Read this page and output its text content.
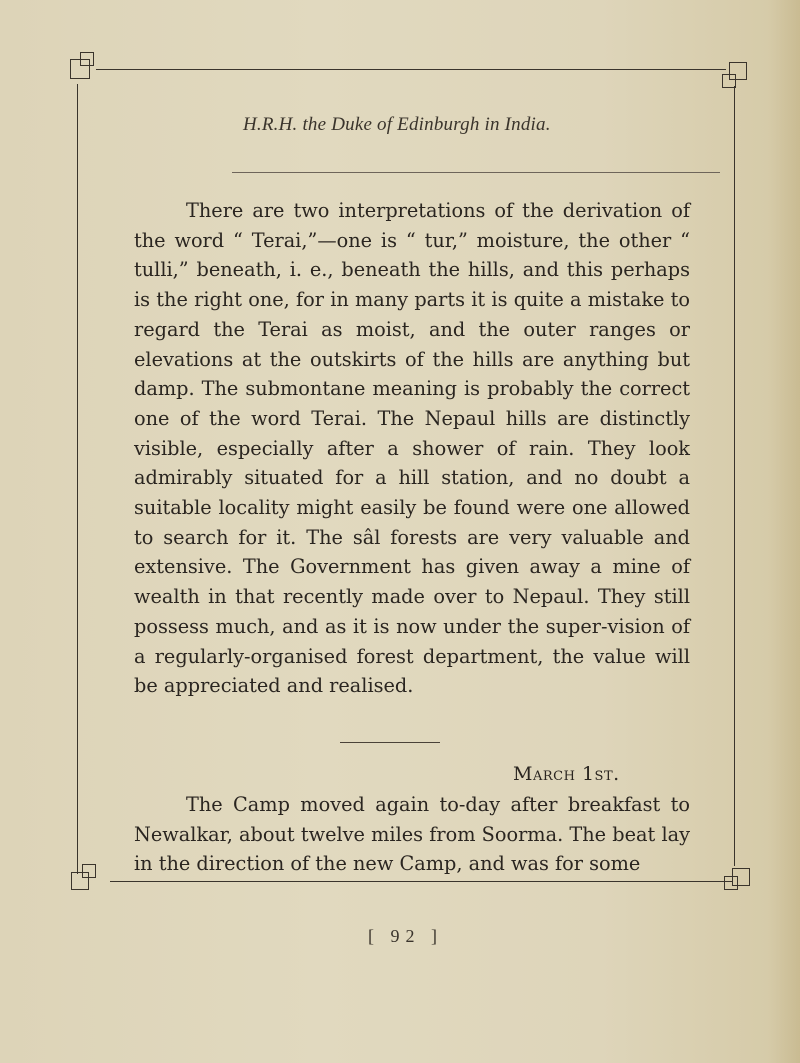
H.R.H. the Duke of Edinburgh in India.

There are two interpretations of the derivation of the word “ Terai,”—one is “ tur,” moisture, the other “ tulli,” beneath, i. e., beneath the hills, and this perhaps is the right one, for in many parts it is quite a mistake to regard the Terai as moist, and the outer ranges or elevations at the outskirts of the hills are anything but damp. The submontane meaning is probably the correct one of the word Terai. The Nepaul hills are distinctly visible, especially after a shower of rain. They look admirably situated for a hill station, and no doubt a suitable locality might easily be found were one allowed to search for it. The sâl forests are very valuable and extensive. The Government has given away a mine of wealth in that recently made over to Nepaul. They still possess much, and as it is now under the super-vision of a regularly-organised forest department, the value will be appreciated and realised.

March 1st.

The Camp moved again to-day after breakfast to Newalkar, about twelve miles from Soorma. The beat lay in the direction of the new Camp, and was for some

[ 92 ]
